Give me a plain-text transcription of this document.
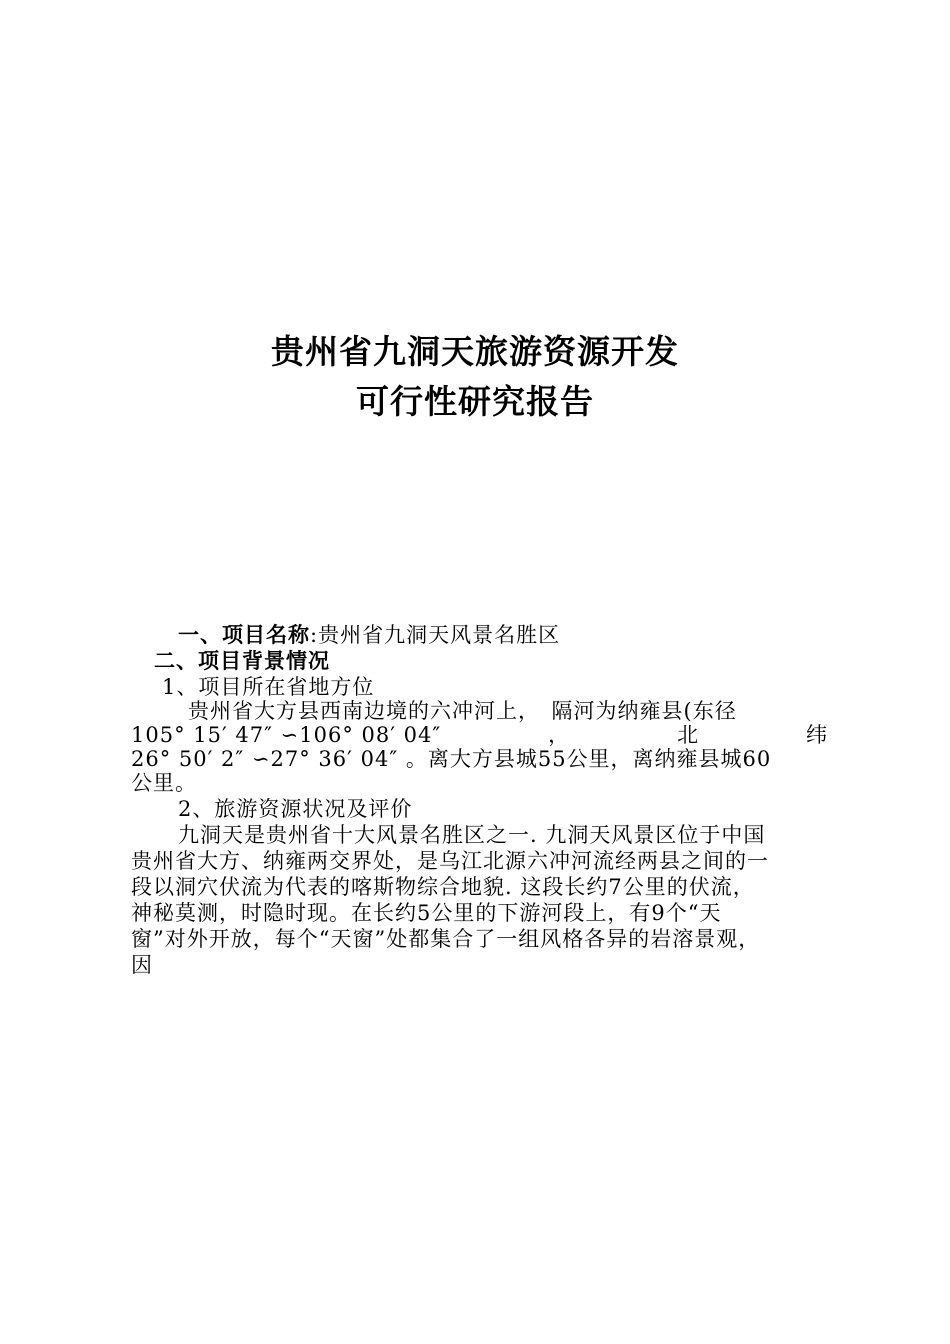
贵州省九洞天旅游资源开发
可行性研究报告
一、项目名称:贵州省九洞天风景名胜区
二、项目背景情况
1、项目所在省地方位
贵州省大方县西南边境的六冲河上，　隔河为纳雍县(东径
105° 15′ 47″ ∽106° 08′ 04″	，	北	纬
26° 50′ 2″ ∽27° 36′ 04″ 。离大方县城55公里，离纳雍县城60
公里。
2、旅游资源状况及评价
九洞天是贵州省十大风景名胜区之一. 九洞天风景区位于中国
贵州省大方、纳雍两交界处，是乌江北源六冲河流经两县之间的一
段以洞穴伏流为代表的喀斯物综合地貌. 这段长约7公里的伏流，
神秘莫测，时隐时现。在长约5公里的下游河段上，有9个“天
窗”对外开放，每个“天窗”处都集合了一组风格各异的岩溶景观，
因
